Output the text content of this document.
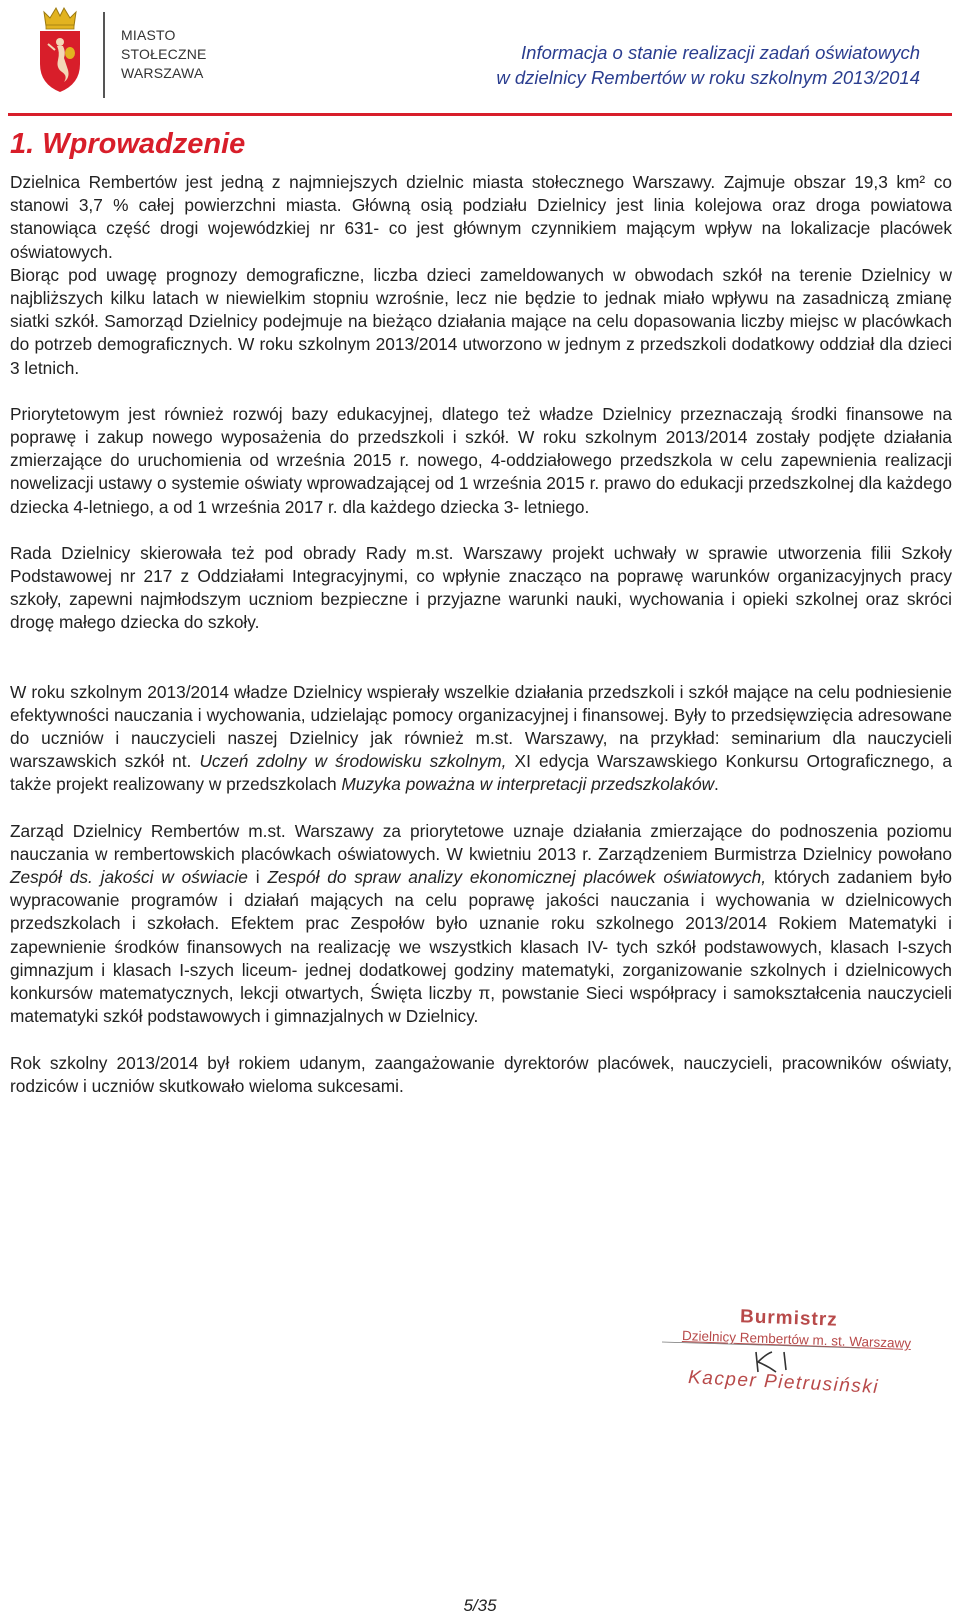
MIASTO
STOŁECZNE
WARSZAWA
Informacja o stanie realizacji zadań oświatowych
w dzielnicy Rembertów w roku szkolnym 2013/2014
1. Wprowadzenie

Dzielnica Rembertów jest jedną z najmniejszych dzielnic miasta stołecznego Warszawy. Zajmuje obszar 19,3 km² co stanowi 3,7 % całej powierzchni miasta. Główną osią podziału Dzielnicy jest linia kolejowa oraz droga powiatowa stanowiąca część drogi wojewódzkiej nr 631- co jest głównym czynnikiem mającym wpływ na lokalizacje placówek oświatowych.

Biorąc pod uwagę prognozy demograficzne, liczba dzieci zameldowanych w obwodach szkół na terenie Dzielnicy w najbliższych kilku latach w niewielkim stopniu wzrośnie, lecz nie będzie to jednak miało wpływu na zasadniczą zmianę siatki szkół. Samorząd Dzielnicy podejmuje na bieżąco działania mające na celu dopasowania liczby miejsc w placówkach do potrzeb demograficznych. W roku szkolnym 2013/2014 utworzono w jednym z przedszkoli dodatkowy oddział dla dzieci 3 letnich.

Priorytetowym jest również rozwój bazy edukacyjnej, dlatego też władze Dzielnicy przeznaczają środki finansowe na poprawę i zakup nowego wyposażenia do przedszkoli i szkół. W roku szkolnym 2013/2014 zostały podjęte działania zmierzające do uruchomienia od września 2015 r. nowego, 4-oddziałowego przedszkola w celu zapewnienia realizacji nowelizacji ustawy o systemie oświaty wprowadzającej od 1 września 2015 r. prawo do edukacji przedszkolnej dla każdego dziecka 4-letniego, a od 1 września 2017 r. dla każdego dziecka 3- letniego.

Rada Dzielnicy skierowała też pod obrady Rady m.st. Warszawy projekt uchwały w sprawie utworzenia filii Szkoły Podstawowej nr 217 z Oddziałami Integracyjnymi, co wpłynie znacząco na poprawę warunków organizacyjnych pracy szkoły, zapewni najmłodszym uczniom bezpieczne i przyjazne warunki nauki, wychowania i opieki szkolnej oraz skróci drogę małego dziecka do szkoły.

W roku szkolnym 2013/2014 władze Dzielnicy wspierały wszelkie działania przedszkoli i szkół mające na celu podniesienie efektywności nauczania i wychowania, udzielając pomocy organizacyjnej i finansowej. Były to przedsięwzięcia adresowane do uczniów i nauczycieli naszej Dzielnicy jak również m.st. Warszawy, na przykład: seminarium dla nauczycieli warszawskich szkół nt. Uczeń zdolny w środowisku szkolnym, XI edycja Warszawskiego Konkursu Ortograficznego, a także projekt realizowany w przedszkolach Muzyka poważna w interpretacji przedszkolaków.

Zarząd Dzielnicy Rembertów m.st. Warszawy za priorytetowe uznaje działania zmierzające do podnoszenia poziomu nauczania w rembertowskich placówkach oświatowych. W kwietniu 2013 r. Zarządzeniem Burmistrza Dzielnicy powołano Zespół ds. jakości w oświacie i Zespół do spraw analizy ekonomicznej placówek oświatowych, których zadaniem było wypracowanie programów i działań mających na celu poprawę jakości nauczania i wychowania w dzielnicowych przedszkolach i szkołach. Efektem prac Zespołów było uznanie roku szkolnego 2013/2014 Rokiem Matematyki i zapewnienie środków finansowych na realizację we wszystkich klasach IV- tych szkół podstawowych, klasach I-szych gimnazjum i klasach I-szych liceum- jednej dodatkowej godziny matematyki, zorganizowanie szkolnych i dzielnicowych konkursów matematycznych, lekcji otwartych, Święta liczby π, powstanie Sieci współpracy i samokształcenia nauczycieli matematyki szkół podstawowych i gimnazjalnych w Dzielnicy.

Rok szkolny 2013/2014 był rokiem udanym, zaangażowanie dyrektorów placówek, nauczycieli, pracowników oświaty, rodziców i uczniów skutkowało wieloma sukcesami.

Burmistrz
Dzielnicy Rembertów m. st. Warszawy
Kacper Pietrusiński
5/35
